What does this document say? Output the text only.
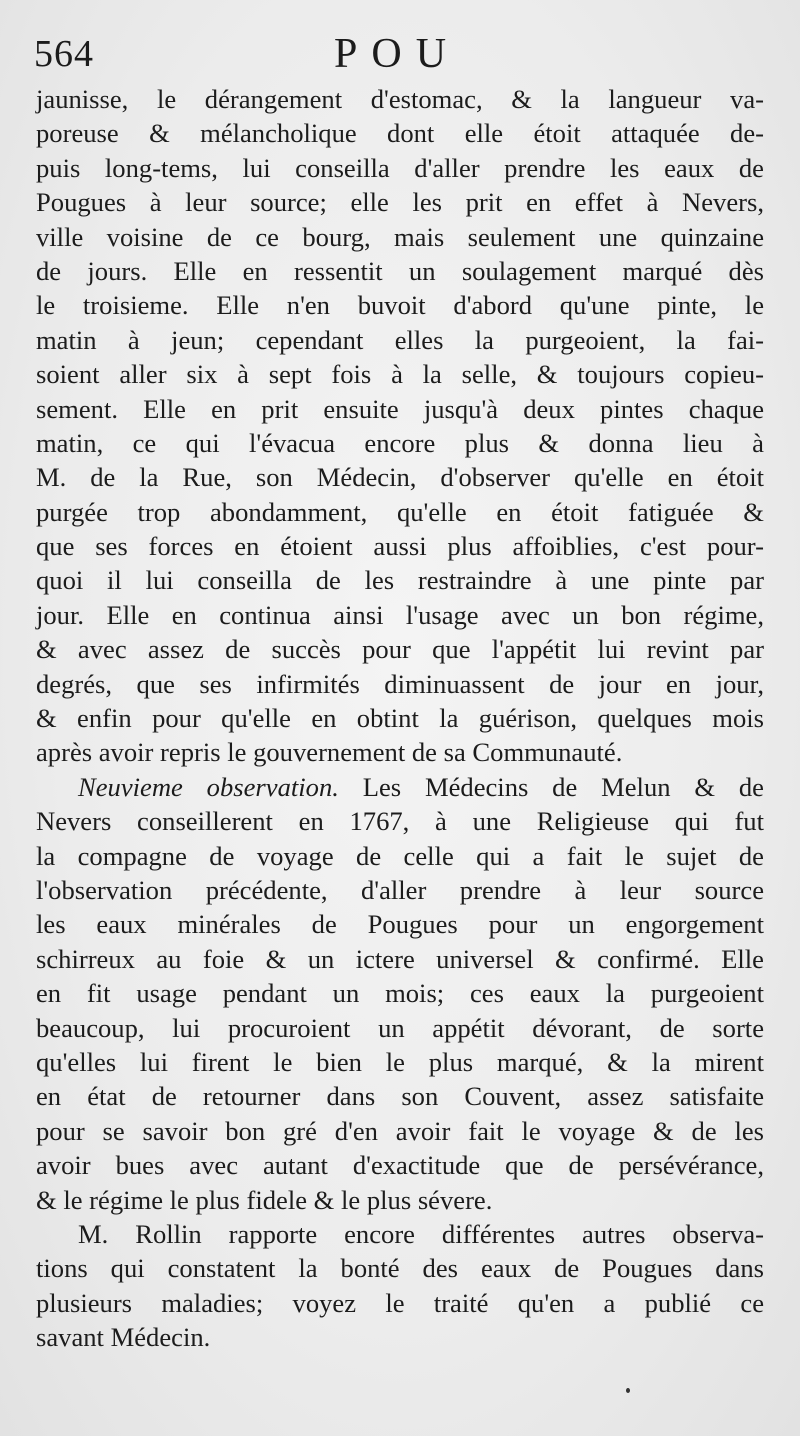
564	POU
jaunisse, le dérangement d'estomac, & la langueur va-
poreuse & mélancholique dont elle étoit attaquée de-
puis long-tems, lui conseilla d'aller prendre les eaux de
Pougues à leur source; elle les prit en effet à Nevers,
ville voisine de ce bourg, mais seulement une quinzaine
de jours. Elle en ressentit un soulagement marqué dès
le troisieme. Elle n'en buvoit d'abord qu'une pinte, le
matin à jeun; cependant elles la purgeoient, la fai-
soient aller six à sept fois à la selle, & toujours copieu-
sement. Elle en prit ensuite jusqu'à deux pintes chaque
matin, ce qui l'évacua encore plus & donna lieu à
M. de la Rue, son Médecin, d'observer qu'elle en étoit
purgée trop abondamment, qu'elle en étoit fatiguée &
que ses forces en étoient aussi plus affoiblies, c'est pour-
quoi il lui conseilla de les restraindre à une pinte par
jour. Elle en continua ainsi l'usage avec un bon régime,
& avec assez de succès pour que l'appétit lui revint par
degrés, que ses infirmités diminuassent de jour en jour,
& enfin pour qu'elle en obtint la guérison, quelques mois
après avoir repris le gouvernement de sa Communauté.
Neuvieme observation. Les Médecins de Melun & de
Nevers conseillerent en 1767, à une Religieuse qui fut
la compagne de voyage de celle qui a fait le sujet de
l'observation précédente, d'aller prendre à leur source
les eaux minérales de Pougues pour un engorgement
schirreux au foie & un ictere universel & confirmé. Elle
en fit usage pendant un mois; ces eaux la purgeoient
beaucoup, lui procuroient un appétit dévorant, de sorte
qu'elles lui firent le bien le plus marqué, & la mirent
en état de retourner dans son Couvent, assez satisfaite
pour se savoir bon gré d'en avoir fait le voyage & de les
avoir bues avec autant d'exactitude que de persévérance,
& le régime le plus fidele & le plus sévere.
M. Rollin rapporte encore différentes autres observa-
tions qui constatent la bonté des eaux de Pougues dans
plusieurs maladies; voyez le traité qu'en a publié ce
savant Médecin.
